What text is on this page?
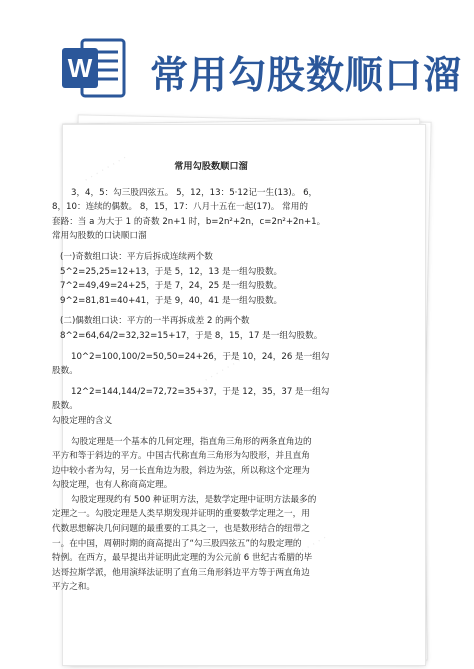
W 常用勾股数顺口溜

常用勾股数顺口溜

3，4，5：勾三股四弦五。 5，12，13：5·12记一生(13)。 6，

8，10：连续的偶数。 8，15，17：八月十五在一起(17)。 常用的

套路：当 a 为大于 1 的奇数 2n+1 时，b=2n²+2n，c=2n²+2n+1。

常用勾股数的口诀顺口溜

(一)奇数组口诀：平方后拆成连续两个数

5^2=25,25=12+13，于是 5，12，13 是一组勾股数。

7^2=49,49=24+25，于是 7，24，25 是一组勾股数。

9^2=81,81=40+41，于是 9，40，41 是一组勾股数。

(二)偶数组口诀：平方的一半再拆成差 2 的两个数

8^2=64,64/2=32,32=15+17，于是 8，15，17 是一组勾股数。

10^2=100,100/2=50,50=24+26，于是 10，24，26 是一组勾

股数。

12^2=144,144/2=72,72=35+37，于是 12，35，37 是一组勾

股数。

勾股定理的含义

勾股定理是一个基本的几何定理，指直角三角形的两条直角边的

平方和等于斜边的平方。中国古代称直角三角形为勾股形，并且直角

边中较小者为勾，另一长直角边为股，斜边为弦，所以称这个定理为

勾股定理，也有人称商高定理。

勾股定理现约有 500 种证明方法，是数学定理中证明方法最多的

定理之一。勾股定理是人类早期发现并证明的重要数学定理之一，用

代数思想解决几何问题的最重要的工具之一，也是数形结合的纽带之

一。在中国，周朝时期的商高提出了“勾三股四弦五”的勾股定理的

特例。在西方，最早提出并证明此定理的为公元前 6 世纪古希腊的毕

达哥拉斯学派，他用演绎法证明了直角三角形斜边平方等于两直角边

平方之和。
